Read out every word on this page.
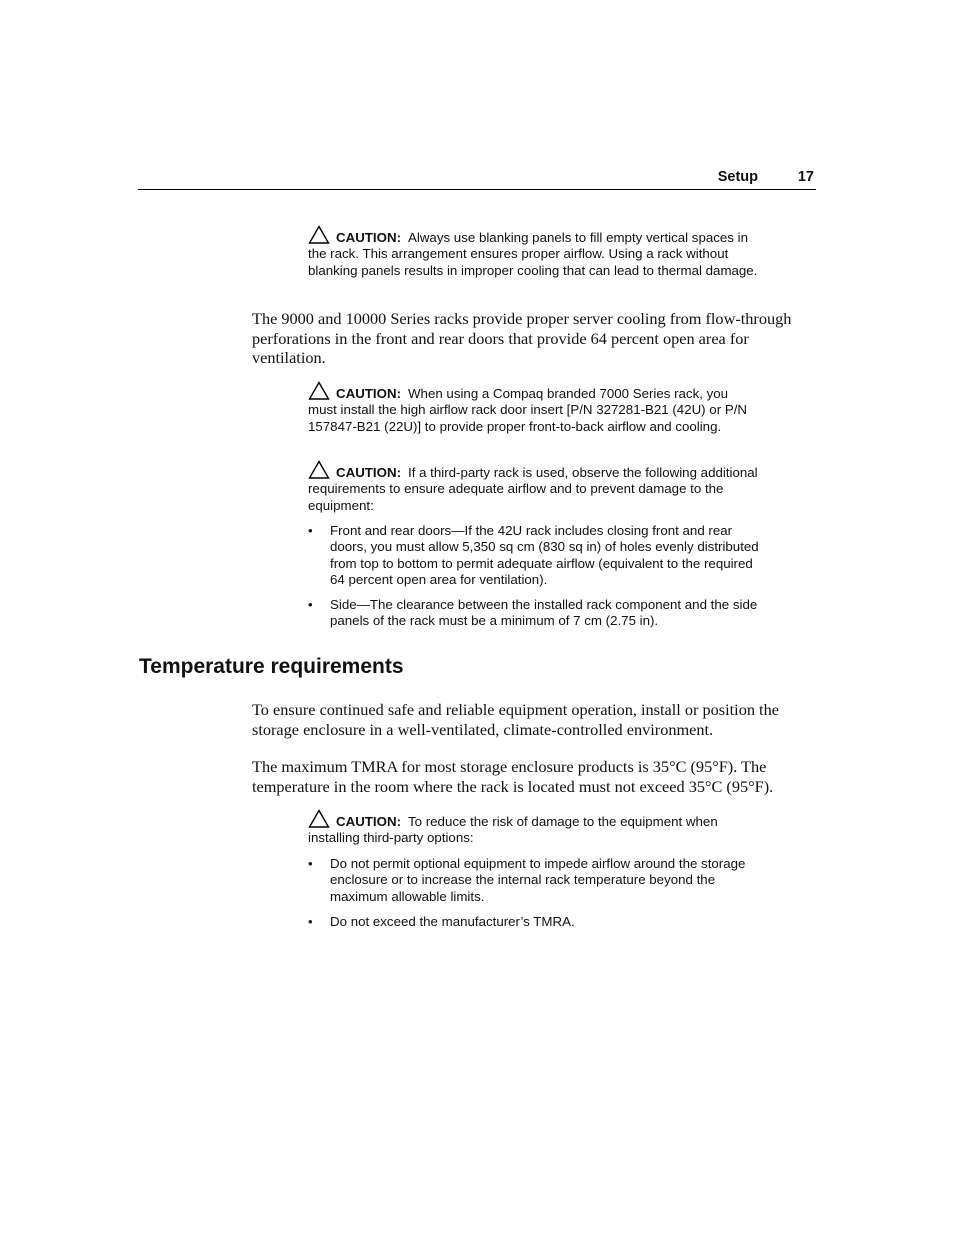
Setup	17
CAUTION: Always use blanking panels to fill empty vertical spaces in the rack. This arrangement ensures proper airflow. Using a rack without blanking panels results in improper cooling that can lead to thermal damage.
The 9000 and 10000 Series racks provide proper server cooling from flow-through perforations in the front and rear doors that provide 64 percent open area for ventilation.
CAUTION: When using a Compaq branded 7000 Series rack, you must install the high airflow rack door insert [P/N 327281-B21 (42U) or P/N 157847-B21 (22U)] to provide proper front-to-back airflow and cooling.
CAUTION: If a third-party rack is used, observe the following additional requirements to ensure adequate airflow and to prevent damage to the equipment:
• Front and rear doors—If the 42U rack includes closing front and rear doors, you must allow 5,350 sq cm (830 sq in) of holes evenly distributed from top to bottom to permit adequate airflow (equivalent to the required 64 percent open area for ventilation).
• Side—The clearance between the installed rack component and the side panels of the rack must be a minimum of 7 cm (2.75 in).
Temperature requirements
To ensure continued safe and reliable equipment operation, install or position the storage enclosure in a well-ventilated, climate-controlled environment.
The maximum TMRA for most storage enclosure products is 35°C (95°F). The temperature in the room where the rack is located must not exceed 35°C (95°F).
CAUTION: To reduce the risk of damage to the equipment when installing third-party options:
• Do not permit optional equipment to impede airflow around the storage enclosure or to increase the internal rack temperature beyond the maximum allowable limits.
• Do not exceed the manufacturer’s TMRA.
